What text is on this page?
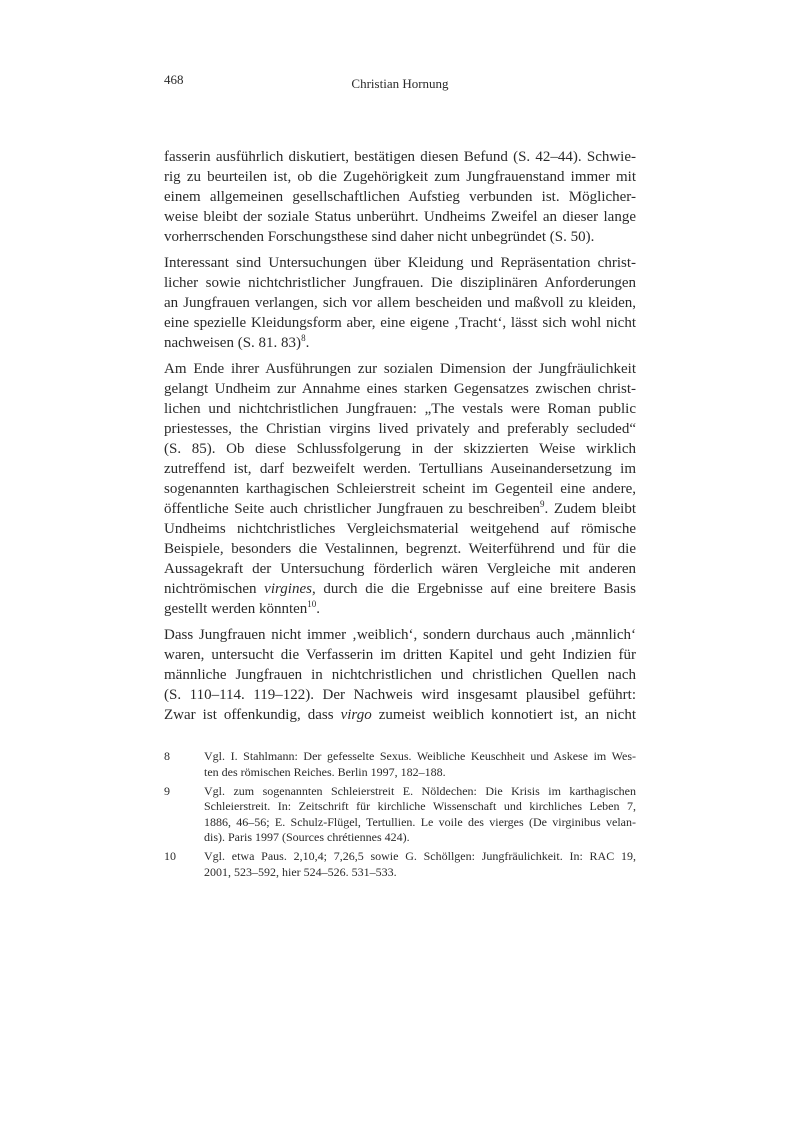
468	Christian Hornung
fasserin ausführlich diskutiert, bestätigen diesen Befund (S. 42–44). Schwie-
rig zu beurteilen ist, ob die Zugehörigkeit zum Jungfrauenstand immer mit
einem allgemeinen gesellschaftlichen Aufstieg verbunden ist. Möglicher-
weise bleibt der soziale Status unberührt. Undheims Zweifel an dieser lange
vorherrschenden Forschungsthese sind daher nicht unbegründet (S. 50).
Interessant sind Untersuchungen über Kleidung und Repräsentation christ-
licher sowie nichtchristlicher Jungfrauen. Die disziplinären Anforderungen
an Jungfrauen verlangen, sich vor allem bescheiden und maßvoll zu kleiden,
eine spezielle Kleidungsform aber, eine eigene ‚Tracht‘, lässt sich wohl nicht
nachweisen (S. 81. 83)$^8$.
Am Ende ihrer Ausführungen zur sozialen Dimension der Jungfräulichkeit
gelangt Undheim zur Annahme eines starken Gegensatzes zwischen christ-
lichen und nichtchristlichen Jungfrauen: „The vestals were Roman public
priestesses, the Christian virgins lived privately and preferably secluded“
(S. 85). Ob diese Schlussfolgerung in der skizzierten Weise wirklich
zutreffend ist, darf bezweifelt werden. Tertullians Auseinandersetzung im
sogenannten karthagischen Schleierstreit scheint im Gegenteil eine andere,
öffentliche Seite auch christlicher Jungfrauen zu beschreiben$^9$. Zudem bleibt
Undheims nichtchristliches Vergleichsmaterial weitgehend auf römische
Beispiele, besonders die Vestalinnen, begrenzt. Weiterführend und für die
Aussagekraft der Untersuchung förderlich wären Vergleiche mit anderen
nichtrömischen virgines, durch die die Ergebnisse auf eine breitere Basis
gestellt werden könnten$^{10}$.
Dass Jungfrauen nicht immer ‚weiblich‘, sondern durchaus auch ‚männlich‘
waren, untersucht die Verfasserin im dritten Kapitel und geht Indizien für
männliche Jungfrauen in nichtchristlichen und christlichen Quellen nach
(S. 110–114. 119–122). Der Nachweis wird insgesamt plausibel geführt:
Zwar ist offenkundig, dass virgo zumeist weiblich konnotiert ist, an nicht
8	Vgl. I. Stahlmann: Der gefesselte Sexus. Weibliche Keuschheit und Askese im Wes-
ten des römischen Reiches. Berlin 1997, 182–188.
9	Vgl. zum sogenannten Schleierstreit E. Nöldechen: Die Krisis im karthagischen
Schleierstreit. In: Zeitschrift für kirchliche Wissenschaft und kirchliches Leben 7,
1886, 46–56; E. Schulz-Flügel, Tertullien. Le voile des vierges (De virginibus velan-
dis). Paris 1997 (Sources chrétiennes 424).
10 Vgl. etwa Paus. 2,10,4; 7,26,5 sowie G. Schöllgen: Jungfräulichkeit. In: RAC 19,
2001, 523–592, hier 524–526. 531–533.
